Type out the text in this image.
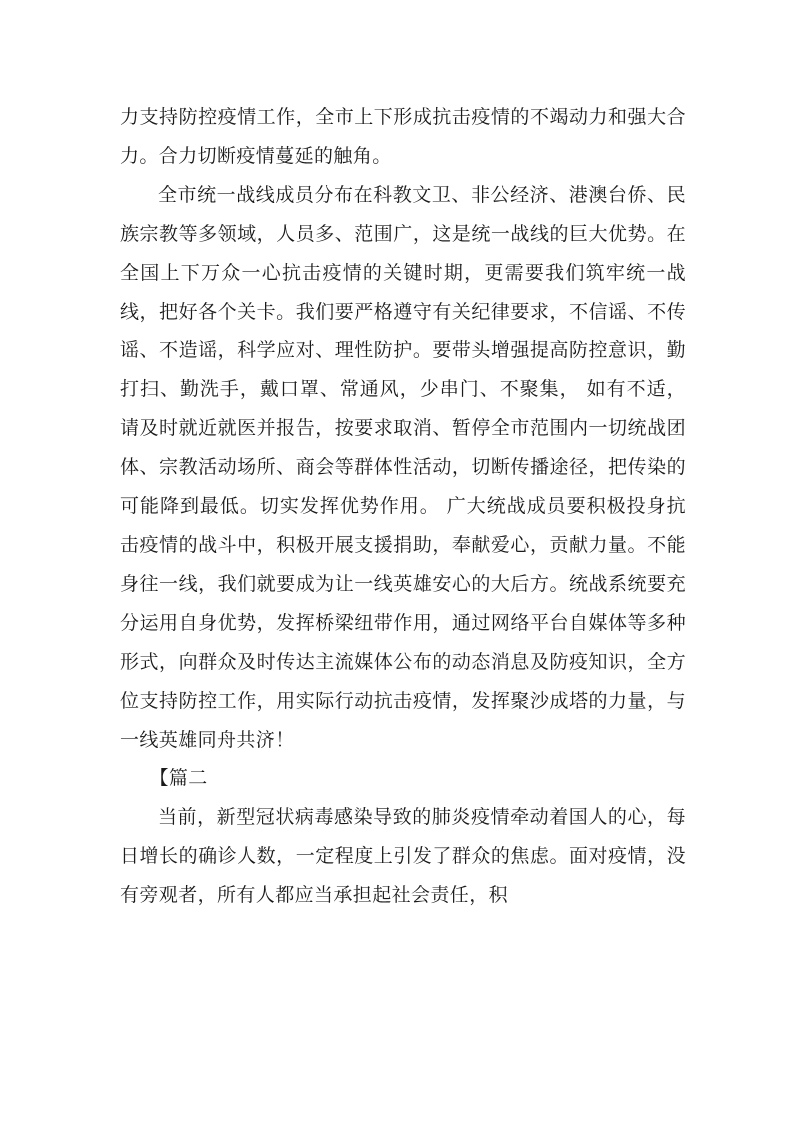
力支持防控疫情工作，全市上下形成抗击疫情的不竭动力和强大合力。合力切断疫情蔓延的触角。

全市统一战线成员分布在科教文卫、非公经济、港澳台侨、民族宗教等多领域，人员多、范围广，这是统一战线的巨大优势。在全国上下万众一心抗击疫情的关键时期，更需要我们筑牢统一战线，把好各个关卡。我们要严格遵守有关纪律要求，不信谣、不传谣、不造谣，科学应对、理性防护。要带头增强提高防控意识，勤打扫、勤洗手，戴口罩、常通风，少串门、不聚集， 如有不适，请及时就近就医并报告，按要求取消、暂停全市范围内一切统战团体、宗教活动场所、商会等群体性活动，切断传播途径，把传染的可能降到最低。切实发挥优势作用。 广大统战成员要积极投身抗击疫情的战斗中，积极开展支援捐助，奉献爱心，贡献力量。不能身往一线，我们就要成为让一线英雄安心的大后方。统战系统要充分运用自身优势，发挥桥梁纽带作用，通过网络平台自媒体等多种形式，向群众及时传达主流媒体公布的动态消息及防疫知识，全方位支持防控工作，用实际行动抗击疫情，发挥聚沙成塔的力量，与一线英雄同舟共济！

【篇二

当前，新型冠状病毒感染导致的肺炎疫情牵动着国人的心，每日增长的确诊人数，一定程度上引发了群众的焦虑。面对疫情，没有旁观者，所有人都应当承担起社会责任，积
